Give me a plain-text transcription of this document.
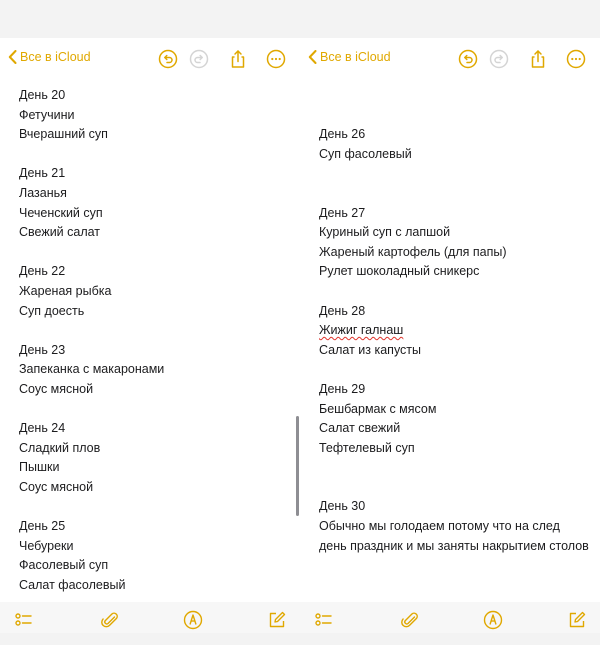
Все в iCloud
День 20
Фетучини
Вчерашний суп
День 21
Лазанья
Чеченский суп
Свежий салат
День 22
Жареная рыбка
Суп доесть
День 23
Запеканка с макаронами
Соус мясной
День 24
Сладкий плов
Пышки
Соус мясной
День 25
Чебуреки
Фасолевый суп
Салат фасолевый
Все в iCloud
День 26
Суп фасолевый
День 27
Куриный суп с лапшой
Жареный картофель (для папы)
Рулет шоколадный сникерс
День 28
Жижиг галнаш
Салат из капусты
День 29
Бешбармак с мясом
Салат свежий
Тефтелевый суп
День 30
Обычно мы голодаем потому что на след день праздник и мы заняты накрытием столов
